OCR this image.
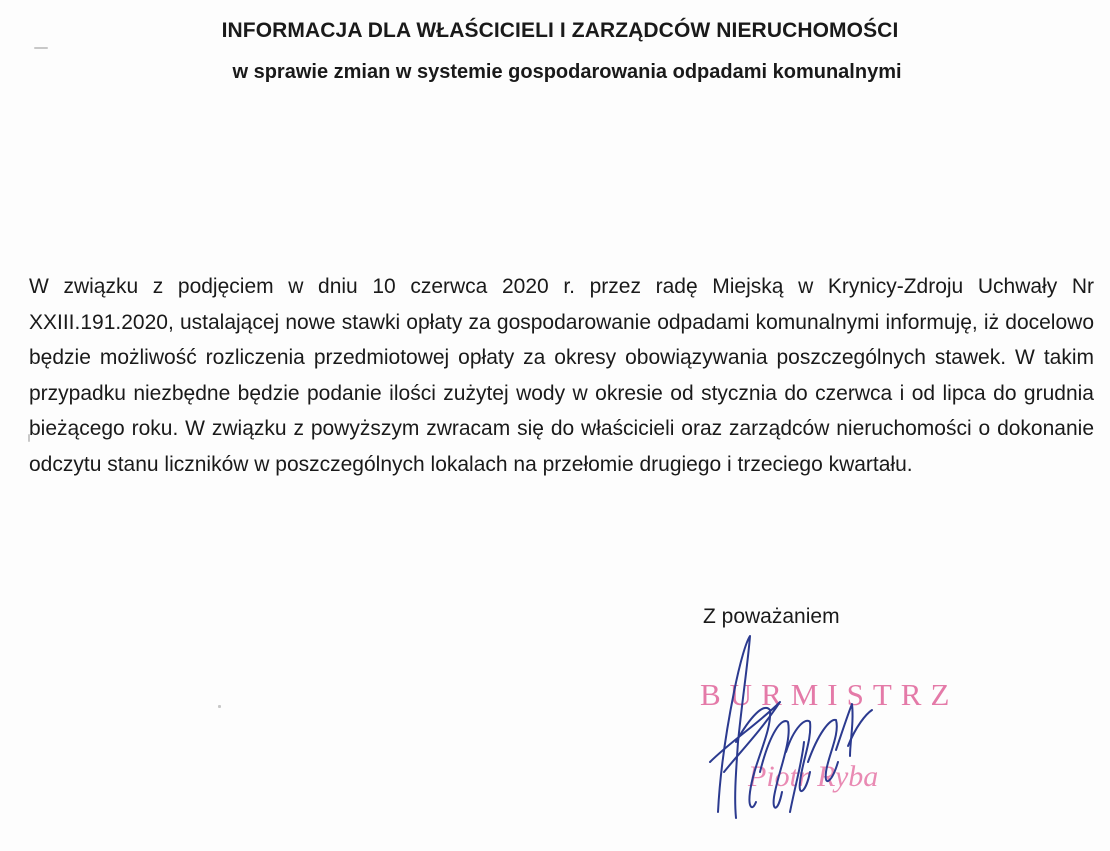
INFORMACJA DLA WŁAŚCICIELI I ZARZĄDCÓW NIERUCHOMOŚCI
w sprawie zmian w systemie gospodarowania odpadami komunalnymi
W związku z podjęciem w dniu 10 czerwca 2020 r. przez radę Miejską w Krynicy-Zdroju Uchwały Nr XXIII.191.2020, ustalającej nowe stawki opłaty za gospodarowanie odpadami komunalnymi informuję, iż docelowo będzie możliwość rozliczenia przedmiotowej opłaty za okresy obowiązywania poszczególnych stawek. W takim przypadku niezbędne będzie podanie ilości zużytej wody w okresie od stycznia do czerwca i od lipca do grudnia bieżącego roku. W związku z powyższym zwracam się do właścicieli oraz zarządców nieruchomości o dokonanie odczytu stanu liczników w poszczególnych lokalach na przełomie drugiego i trzeciego kwartału.
Z poważaniem
BURMISTRZ
Piotr Ryba
